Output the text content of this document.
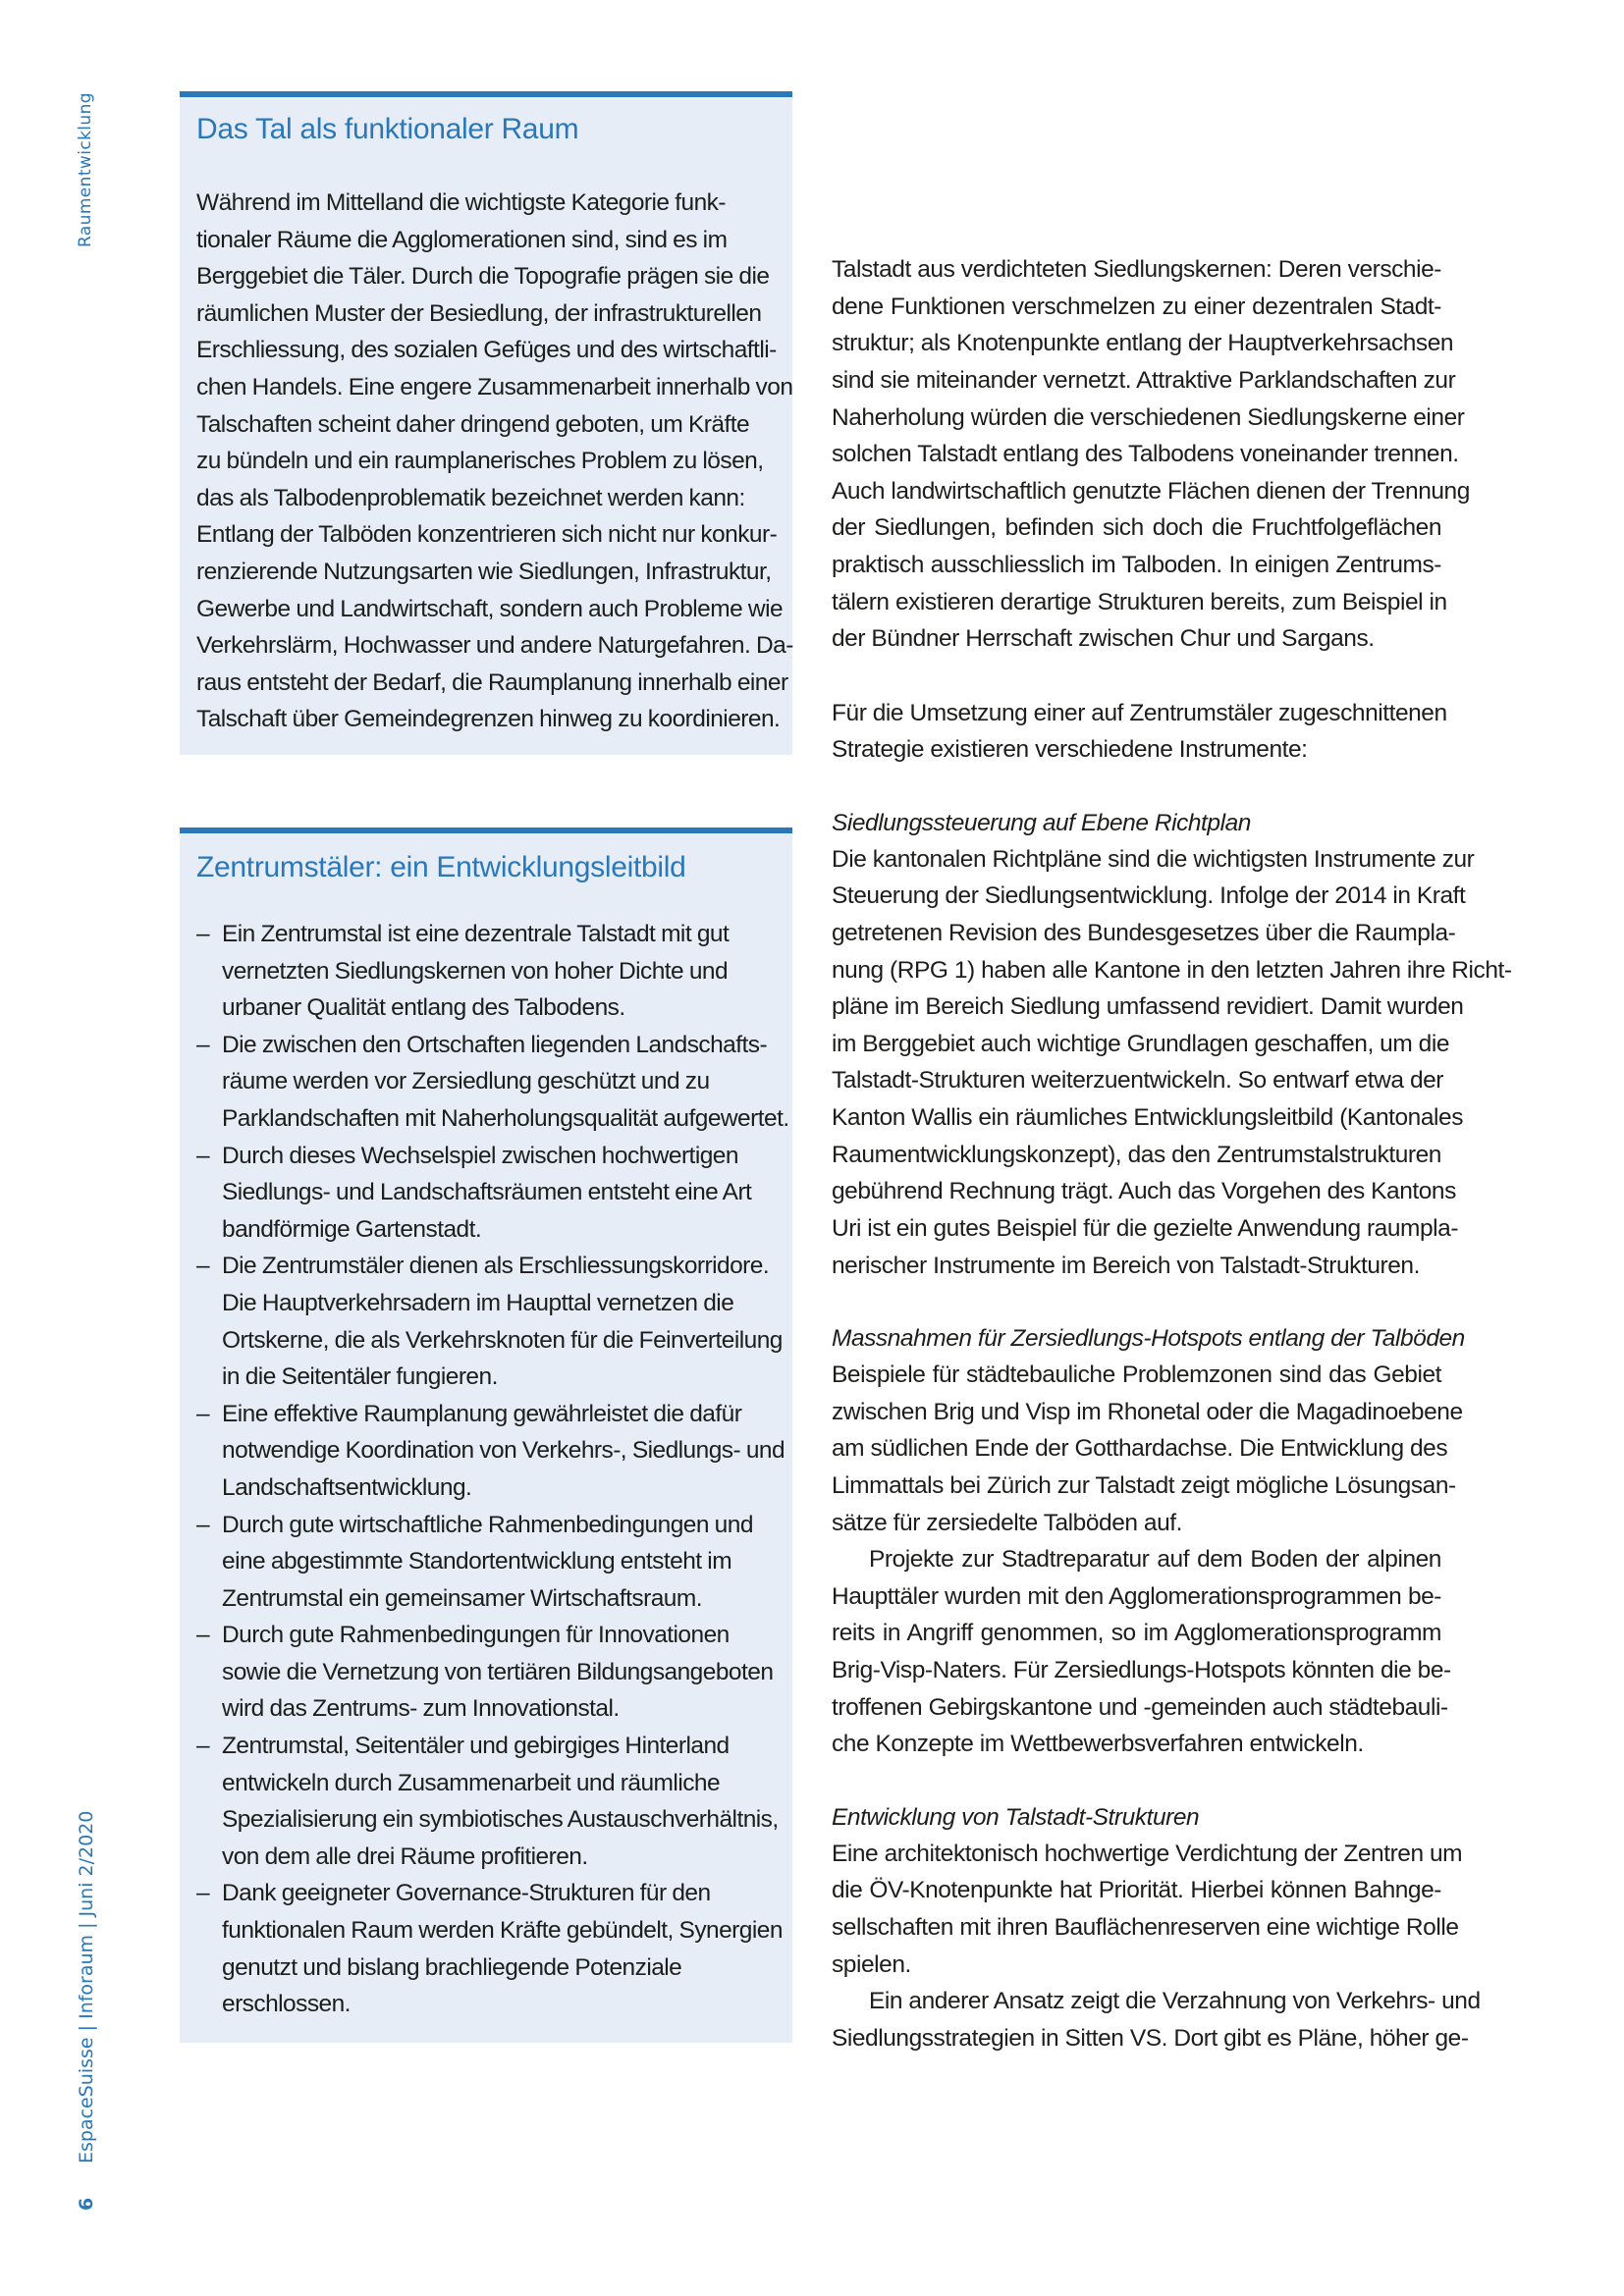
Raumentwicklung
EspaceSuisse | Inforaum | Juni 2/2020
6
Das Tal als funktionaler Raum
Während im Mittelland die wichtigste Kategorie funk-
tionaler Räume die Agglomerationen sind, sind es im
Berggebiet die Täler. Durch die Topografie prägen sie die
räumlichen Muster der Besiedlung, der infrastrukturellen
Erschliessung, des sozialen Gefüges und des wirtschaftli-
chen Handels. Eine engere Zusammenarbeit innerhalb von
Talschaften scheint daher dringend geboten, um Kräfte
zu bündeln und ein raumplanerisches Problem zu lösen,
das als Talbodenproblematik bezeichnet werden kann:
Entlang der Talböden konzentrieren sich nicht nur konkur-
renzierende Nutzungsarten wie Siedlungen, Infrastruktur,
Gewerbe und Landwirtschaft, sondern auch Probleme wie
Verkehrslärm, Hochwasser und andere Naturgefahren. Da-
raus entsteht der Bedarf, die Raumplanung innerhalb einer
Talschaft über Gemeindegrenzen hinweg zu koordinieren.
Zentrumstäler: ein Entwicklungsleitbild
– Ein Zentrumstal ist eine dezentrale Talstadt mit gut
vernetzten Siedlungskernen von hoher Dichte und
urbaner Qualität entlang des Talbodens.
– Die zwischen den Ortschaften liegenden Landschafts-
räume werden vor Zersiedlung geschützt und zu
Parklandschaften mit Naherholungsqualität aufgewertet.
– Durch dieses Wechselspiel zwischen hochwertigen
Siedlungs- und Landschaftsräumen entsteht eine Art
bandförmige Gartenstadt.
– Die Zentrumstäler dienen als Erschliessungskorridore.
Die Hauptverkehrsadern im Haupttal vernetzen die
Ortskerne, die als Verkehrsknoten für die Feinverteilung
in die Seitentäler fungieren.
– Eine effektive Raumplanung gewährleistet die dafür
notwendige Koordination von Verkehrs-, Siedlungs- und
Landschaftsentwicklung.
– Durch gute wirtschaftliche Rahmenbedingungen und
eine abgestimmte Standortentwicklung entsteht im
Zentrumstal ein gemeinsamer Wirtschaftsraum.
– Durch gute Rahmenbedingungen für Innovationen
sowie die Vernetzung von tertiären Bildungsangeboten
wird das Zentrums- zum Innovationstal.
– Zentrumstal, Seitentäler und gebirgiges Hinterland
entwickeln durch Zusammenarbeit und räumliche
Spezialisierung ein symbiotisches Austauschverhältnis,
von dem alle drei Räume profitieren.
– Dank geeigneter Governance-Strukturen für den
funktionalen Raum werden Kräfte gebündelt, Synergien
genutzt und bislang brachliegende Potenziale
erschlossen.
Talstadt aus verdichteten Siedlungskernen: Deren verschie-
dene Funktionen verschmelzen zu einer dezentralen Stadt-
struktur; als Knotenpunkte entlang der Hauptverkehrsachsen
sind sie miteinander vernetzt. Attraktive Parklandschaften zur
Naherholung würden die verschiedenen Siedlungskerne einer
solchen Talstadt entlang des Talbodens voneinander trennen.
Auch landwirtschaftlich genutzte Flächen dienen der Trennung
der Siedlungen, befinden sich doch die Fruchtfolgeflächen
praktisch ausschliesslich im Talboden. In einigen Zentrums-
tälern existieren derartige Strukturen bereits, zum Beispiel in
der Bündner Herrschaft zwischen Chur und Sargans.
Für die Umsetzung einer auf Zentrumstäler zugeschnittenen
Strategie existieren verschiedene Instrumente:
Siedlungssteuerung auf Ebene Richtplan
Die kantonalen Richtpläne sind die wichtigsten Instrumente zur
Steuerung der Siedlungsentwicklung. Infolge der 2014 in Kraft
getretenen Revision des Bundesgesetzes über die Raumpla-
nung (RPG 1) haben alle Kantone in den letzten Jahren ihre Richt-
pläne im Bereich Siedlung umfassend revidiert. Damit wurden
im Berggebiet auch wichtige Grundlagen geschaffen, um die
Talstadt-Strukturen weiterzuentwickeln. So entwarf etwa der
Kanton Wallis ein räumliches Entwicklungsleitbild (Kantonales
Raumentwicklungskonzept), das den Zentrumstalstrukturen
gebührend Rechnung trägt. Auch das Vorgehen des Kantons
Uri ist ein gutes Beispiel für die gezielte Anwendung raumpla-
nerischer Instrumente im Bereich von Talstadt-Strukturen.
Massnahmen für Zersiedlungs-Hotspots entlang der Talböden
Beispiele für städtebauliche Problemzonen sind das Gebiet
zwischen Brig und Visp im Rhonetal oder die Magadinoebene
am südlichen Ende der Gotthardachse. Die Entwicklung des
Limmattals bei Zürich zur Talstadt zeigt mögliche Lösungsan-
sätze für zersiedelte Talböden auf.
Projekte zur Stadtreparatur auf dem Boden der alpinen
Haupttäler wurden mit den Agglomerationsprogrammen be-
reits in Angriff genommen, so im Agglomerationsprogramm
Brig-Visp-Naters. Für Zersiedlungs-Hotspots könnten die be-
troffenen Gebirgskantone und -gemeinden auch städtebauli-
che Konzepte im Wettbewerbsverfahren entwickeln.
Entwicklung von Talstadt-Strukturen
Eine architektonisch hochwertige Verdichtung der Zentren um
die ÖV-Knotenpunkte hat Priorität. Hierbei können Bahnge-
sellschaften mit ihren Bauflächenreserven eine wichtige Rolle
spielen.
Ein anderer Ansatz zeigt die Verzahnung von Verkehrs- und
Siedlungsstrategien in Sitten VS. Dort gibt es Pläne, höher ge-
